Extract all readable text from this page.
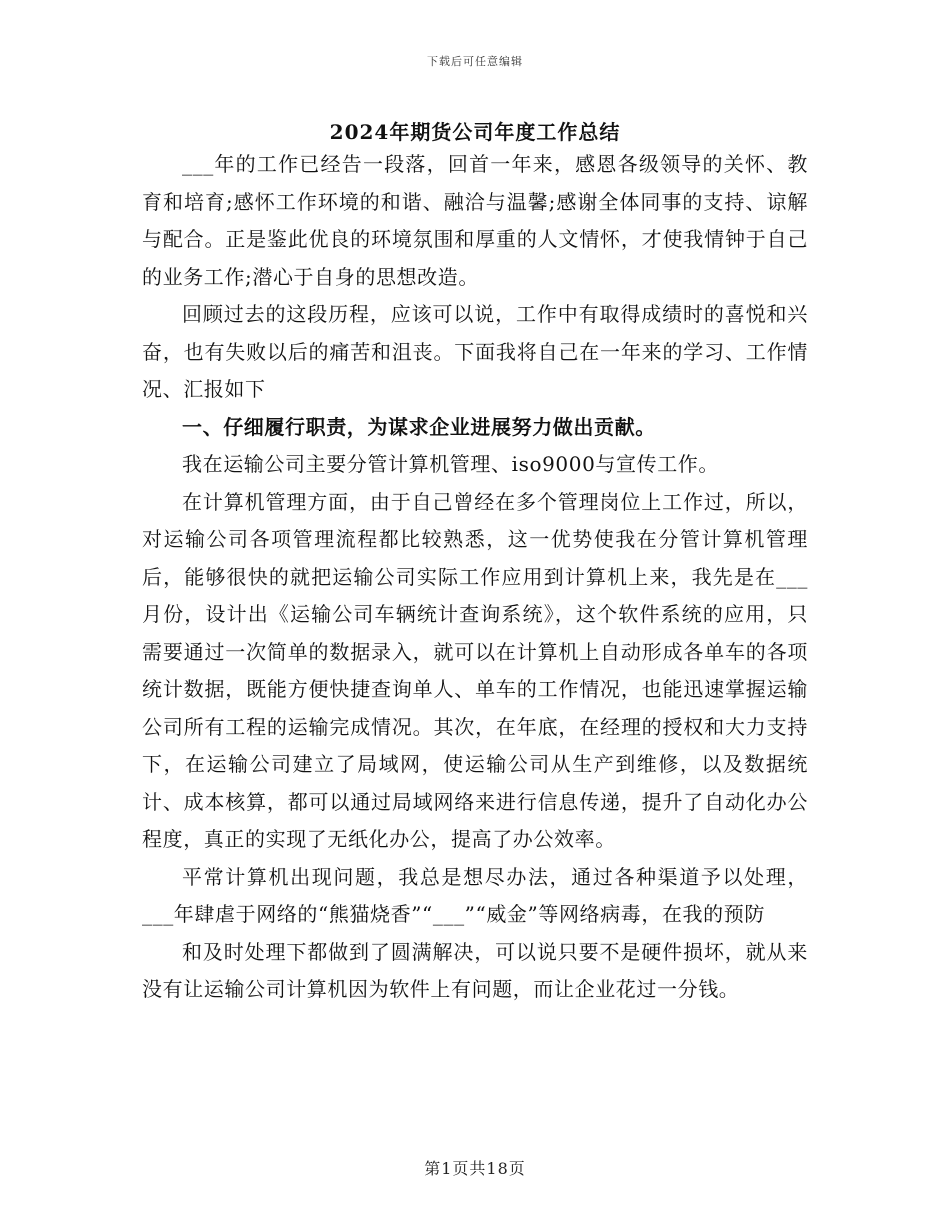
下载后可任意编辑
2024年期货公司年度工作总结

___年的工作已经告一段落，回首一年来，感恩各级领导的关怀、教育和培育;感怀工作环境的和谐、融洽与温馨;感谢全体同事的支持、谅解与配合。正是鉴此优良的环境氛围和厚重的人文情怀，才使我情钟于自己的业务工作;潜心于自身的思想改造。

回顾过去的这段历程，应该可以说，工作中有取得成绩时的喜悦和兴奋，也有失败以后的痛苦和沮丧。下面我将自己在一年来的学习、工作情况、汇报如下

一、仔细履行职责，为谋求企业进展努力做出贡献。

我在运输公司主要分管计算机管理、iso9000与宣传工作。

在计算机管理方面，由于自己曾经在多个管理岗位上工作过，所以，对运输公司各项管理流程都比较熟悉，这一优势使我在分管计算机管理后，能够很快的就把运输公司实际工作应用到计算机上来，我先是在___月份，设计出《运输公司车辆统计查询系统》，这个软件系统的应用，只需要通过一次简单的数据录入，就可以在计算机上自动形成各单车的各项统计数据，既能方便快捷查询单人、单车的工作情况，也能迅速掌握运输公司所有工程的运输完成情况。其次，在年底，在经理的授权和大力支持下，在运输公司建立了局域网，使运输公司从生产到维修，以及数据统计、成本核算，都可以通过局域网络来进行信息传递，提升了自动化办公程度，真正的实现了无纸化办公，提高了办公效率。

平常计算机出现问题，我总是想尽办法，通过各种渠道予以处理，___年肆虐于网络的“熊猫烧香”“___”“威金”等网络病毒，在我的预防

和及时处理下都做到了圆满解决，可以说只要不是硬件损坏，就从来没有让运输公司计算机因为软件上有问题，而让企业花过一分钱。

第1页共18页
